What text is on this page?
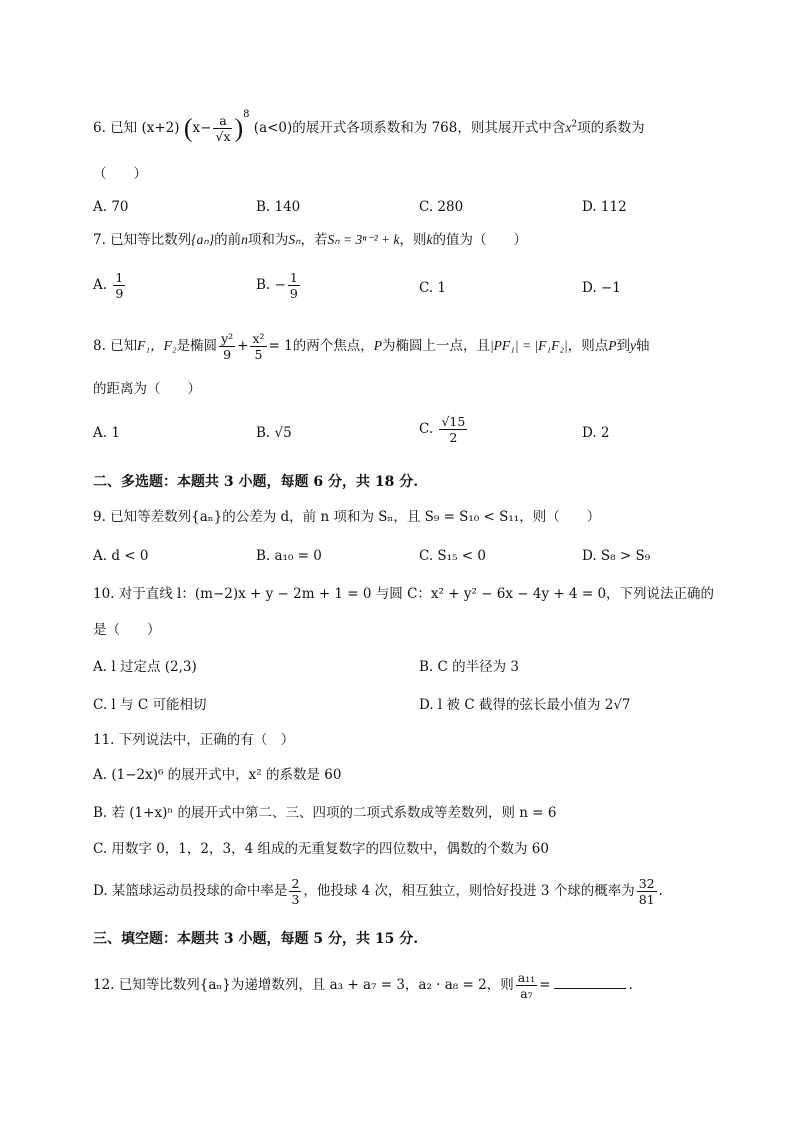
6. 已知 (x+2) $(x- \frac{a}{√x} )^8$ (a<0)的展开式各项系数和为 768，则其展开式中含$x^2$项的系数为
（　　）
A. 70	B. 140	C. 280	D. 112
7. 已知等比数列{aₙ}的前n项和为Sₙ，若Sₙ = 3ⁿ⁻² + k，则k的值为（　　）
A. $\frac{1}{9}$	B. − $\frac{1}{9}$	C. 1	D. −1
8. 已知F₁，F₂是椭圆 $\frac{\text{y²}}{9} + \frac{\text{x²}}{5} = 1$的两个焦点，P为椭圆上一点，且|PF₁| = |F₁F₂|，则点P到y轴
的距离为（　　）
A. 1	B. √5	C. $\frac{√15}{2}$	D. 2
二、多选题：本题共 3 小题，每题 6 分，共 18 分.
9. 已知等差数列{aₙ}的公差为 d，前 n 项和为 Sₙ，且 S₉ = S₁₀ < S₁₁，则（　　）
A. d < 0	B. a₁₀ = 0	C. S₁₅ < 0	D. S₈ > S₉
10. 对于直线 l：(m−2)x + y − 2m + 1 = 0 与圆 C：x² + y² − 6x − 4y + 4 = 0，下列说法正确的
是（　　）
A. l 过定点 (2,3)	B. C 的半径为 3
C. l 与 C 可能相切	D. l 被 C 截得的弦长最小值为 2√7
11. 下列说法中，正确的有（　）
A. (1−2x)⁶ 的展开式中，x² 的系数是 60
B. 若 (1+x)ⁿ 的展开式中第二、三、四项的二项式系数成等差数列，则 n = 6
C. 用数字 0，1，2，3，4 组成的无重复数字的四位数中，偶数的个数为 60
D. 某篮球运动员投球的命中率是 $\frac{2}{3}$ ，他投球 4 次，相互独立，则恰好投进 3 个球的概率为 $\frac{32}{81}$ .
三、填空题：本题共 3 小题，每题 5 分，共 15 分.
12. 已知等比数列{aₙ}为递增数列，且 a₃ + a₇ = 3，a₂ · a₈ = 2，则 $\frac{\text{a₁₁}}{\text{a₇}}$ =	.
